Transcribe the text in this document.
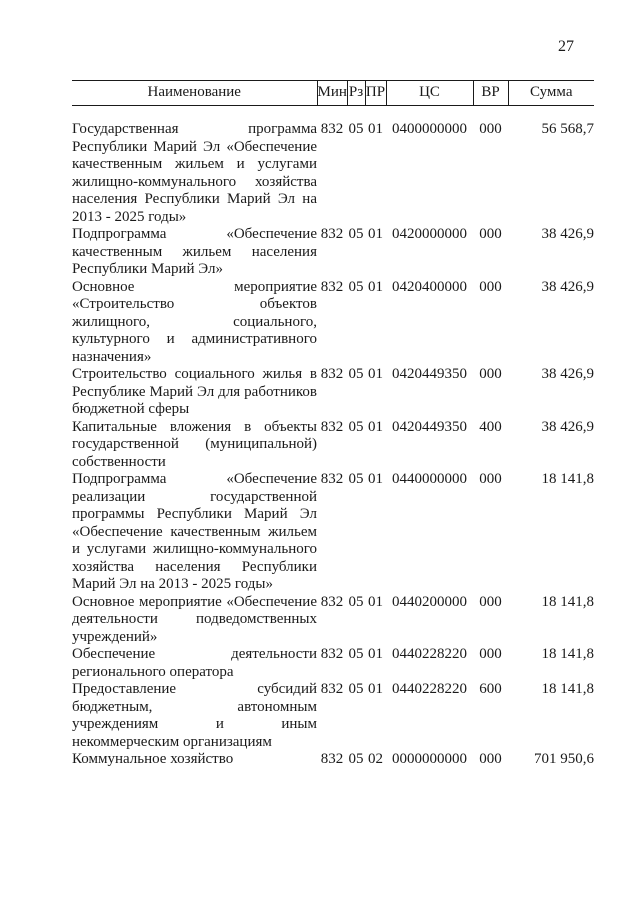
27
Наименование	Мин	Рз	ПР	ЦС	ВР	Сумма
Государственная программа Республики Марий Эл «Обеспечение качественным жильем и услугами жилищно-коммунального хозяйства населения Республики Марий Эл на 2013 - 2025 годы»	832	05	01	0400000000	000	56 568,7
Подпрограмма «Обеспечение качественным жильем населения Республики Марий Эл»	832	05	01	0420000000	000	38 426,9
Основное мероприятие «Строительство объектов жилищного, социального, культурного и административного назначения»	832	05	01	0420400000	000	38 426,9
Строительство социального жилья в Республике Марий Эл для работников бюджетной сферы	832	05	01	0420449350	000	38 426,9
Капитальные вложения в объекты государственной (муниципальной) собственности	832	05	01	0420449350	400	38 426,9
Подпрограмма «Обеспечение реализации государственной программы Республики Марий Эл «Обеспечение качественным жильем и услугами жилищно-коммунального хозяйства населения Республики Марий Эл на 2013 - 2025 годы»	832	05	01	0440000000	000	18 141,8
Основное мероприятие «Обеспечение деятельности подведомственных учреждений»	832	05	01	0440200000	000	18 141,8
Обеспечение деятельности регионального оператора	832	05	01	0440228220	000	18 141,8
Предоставление субсидий бюджетным, автономным учреждениям и иным некоммерческим организациям	832	05	01	0440228220	600	18 141,8
Коммунальное хозяйство	832	05	02	0000000000	000	701 950,6
